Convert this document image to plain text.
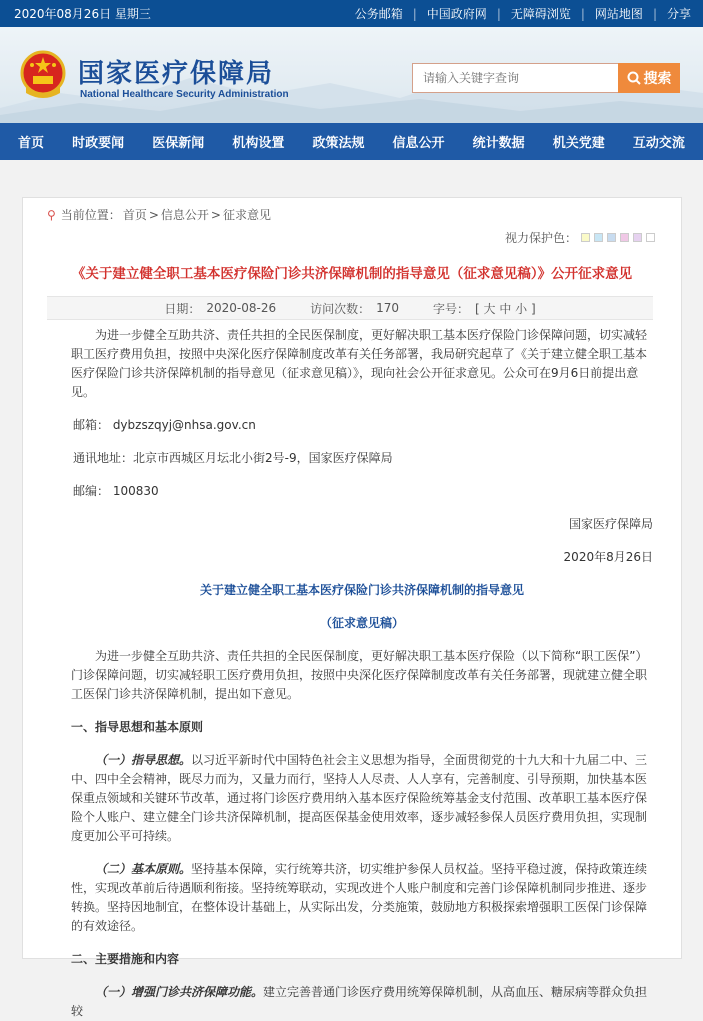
2020年08月26日 星期三	公务邮箱 | 中国政府网 | 无障碍浏览 | 网站地图 | 分享
国家医疗保障局
National Healthcare Security Administration
请输入关键字查询
搜索
首页	时政要闻	医保新闻	机构设置	政策法规	信息公开	统计数据	机关党建	互动交流
⚲ 当前位置： 首页 > 信息公开 > 征求意见
视力保护色：
《关于建立健全职工基本医疗保险门诊共济保障机制的指导意见（征求意见稿）》公开征求意见
日期： 2020-08-26	访问次数： 170	字号： [ 大 中 小 ]

为进一步健全互助共济、责任共担的全民医保制度，更好解决职工基本医疗保险门诊保障问题，切实减轻职工医疗费用负担，按照中央深化医疗保障制度改革有关任务部署，我局研究起草了《关于建立健全职工基本医疗保险门诊共济保障机制的指导意见（征求意见稿）》，现向社会公开征求意见。公众可在9月6日前提出意见。

邮箱： dybzszqyj@nhsa.gov.cn

通讯地址：北京市西城区月坛北小街2号-9，国家医疗保障局

邮编： 100830

国家医疗保障局

2020年8月26日

关于建立健全职工基本医疗保险门诊共济保障机制的指导意见

（征求意见稿）

为进一步健全互助共济、责任共担的全民医保制度，更好解决职工基本医疗保险（以下简称“职工医保”）门诊保障问题，切实减轻职工医疗费用负担，按照中央深化医疗保障制度改革有关任务部署，现就建立健全职工医保门诊共济保障机制，提出如下意见。

一、指导思想和基本原则

（一）指导思想。以习近平新时代中国特色社会主义思想为指导，全面贯彻党的十九大和十九届二中、三中、四中全会精神，既尽力而为，又量力而行，坚持人人尽责、人人享有，完善制度、引导预期，加快基本医保重点领域和关键环节改革，通过将门诊医疗费用纳入基本医疗保险统筹基金支付范围、改革职工基本医疗保险个人账户、建立健全门诊共济保障机制，提高医保基金使用效率，逐步减轻参保人员医疗费用负担，实现制度更加公平可持续。

（二）基本原则。坚持基本保障，实行统筹共济，切实维护参保人员权益。坚持平稳过渡，保持政策连续性，实现改革前后待遇顺利衔接。坚持统筹联动，实现改进个人账户制度和完善门诊保障机制同步推进、逐步转换。坚持因地制宜，在整体设计基础上，从实际出发，分类施策，鼓励地方积极探索增强职工医保门诊保障的有效途径。

二、主要措施和内容

（一）增强门诊共济保障功能。建立完善普通门诊医疗费用统筹保障机制，从高血压、糖尿病等群众负担较
